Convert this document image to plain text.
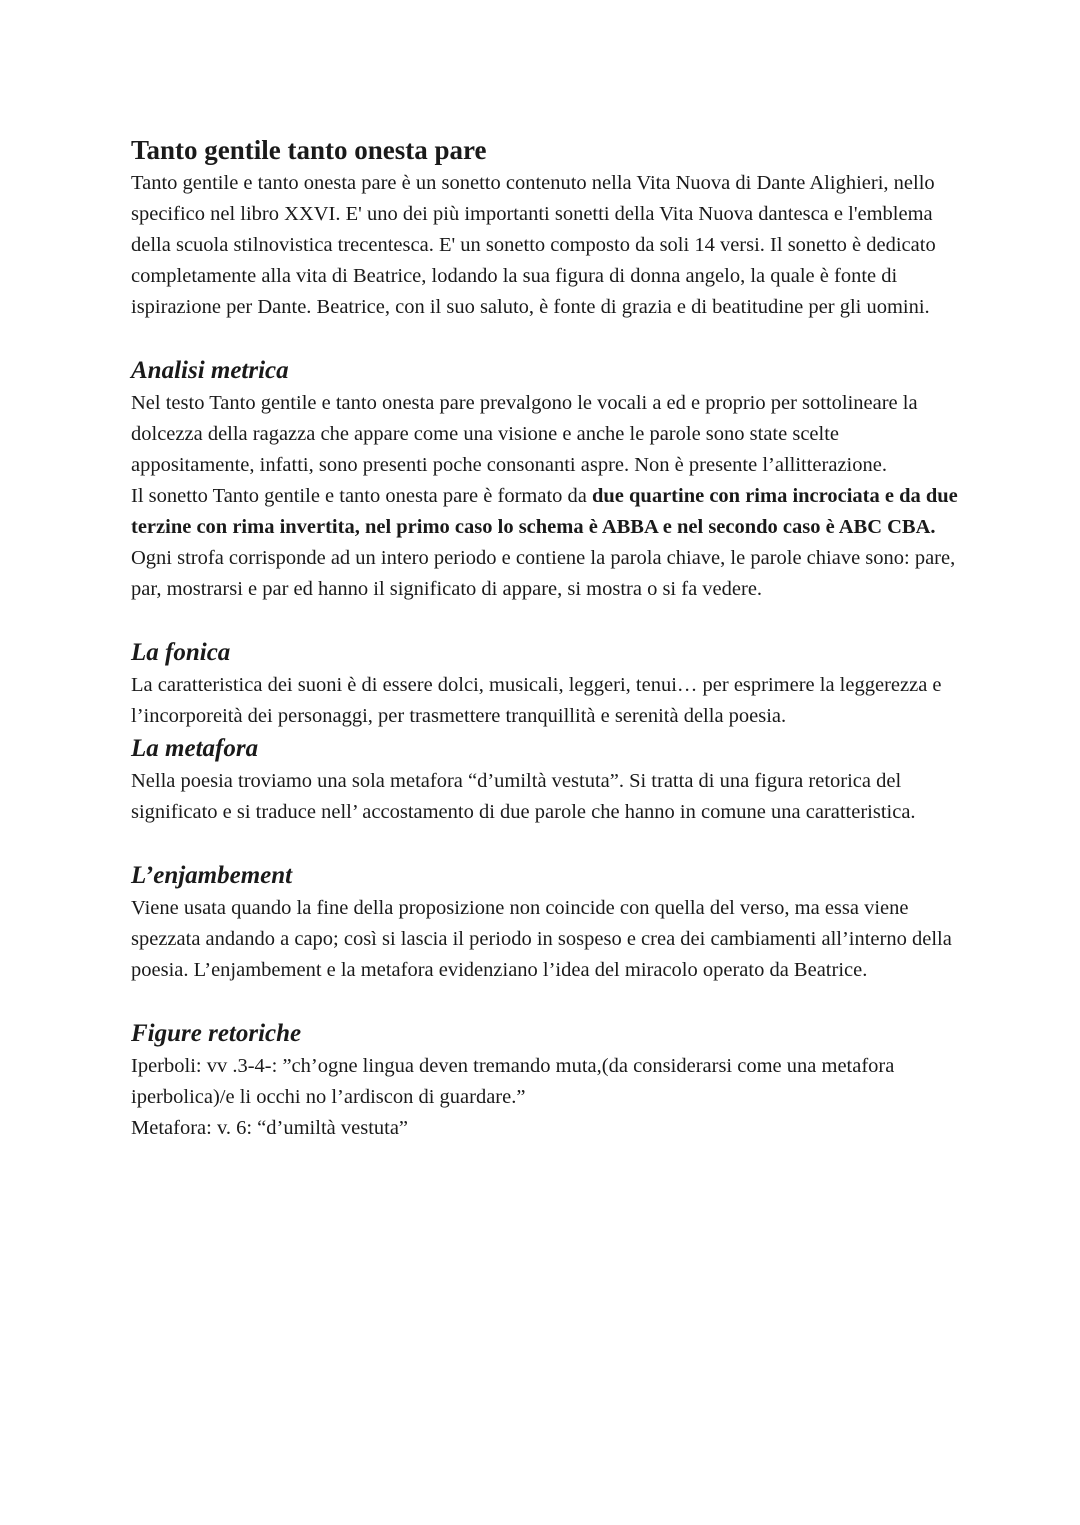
Tanto gentile tanto onesta pare

Tanto gentile e tanto onesta pare è un sonetto contenuto nella Vita Nuova di Dante Alighieri, nello specifico nel libro XXVI. E' uno dei più importanti sonetti della Vita Nuova dantesca e l'emblema della scuola stilnovistica trecentesca. E' un sonetto composto da soli 14 versi. Il sonetto è dedicato completamente alla vita di Beatrice, lodando la sua figura di donna angelo, la quale è fonte di ispirazione per Dante. Beatrice, con il suo saluto, è fonte di grazia e di beatitudine per gli uomini.

Analisi metrica

Nel testo Tanto gentile e tanto onesta pare prevalgono le vocali a ed e proprio per sottolineare la dolcezza della ragazza che appare come una visione e anche le parole sono state scelte appositamente, infatti, sono presenti poche consonanti aspre. Non è presente l’allitterazione.

Il sonetto Tanto gentile e tanto onesta pare è formato da due quartine con rima incrociata e da due terzine con rima invertita, nel primo caso lo schema è ABBA e nel secondo caso è ABC CBA.

Ogni strofa corrisponde ad un intero periodo e contiene la parola chiave, le parole chiave sono: pare, par, mostrarsi e par ed hanno il significato di appare, si mostra o si fa vedere.

La fonica

La caratteristica dei suoni è di essere dolci, musicali, leggeri, tenui… per esprimere la leggerezza e l’incorporeità dei personaggi, per trasmettere tranquillità e serenità della poesia.

La metafora

Nella poesia troviamo una sola metafora “d’umiltà vestuta”. Si tratta di una figura retorica del significato e si traduce nell’ accostamento di due parole che hanno in comune una caratteristica.

L’enjambement

Viene usata quando la fine della proposizione non coincide con quella del verso, ma essa viene spezzata andando a capo; così si lascia il periodo in sospeso e crea dei cambiamenti all’interno della poesia. L’enjambement e la metafora evidenziano l’idea del miracolo operato da Beatrice.

Figure retoriche

Iperboli: vv .3-4-: ”ch’ogne lingua deven tremando muta,(da considerarsi come una metafora iperbolica)/e li occhi no l’ardiscon di guardare.”

Metafora: v. 6: “d’umiltà vestuta”
